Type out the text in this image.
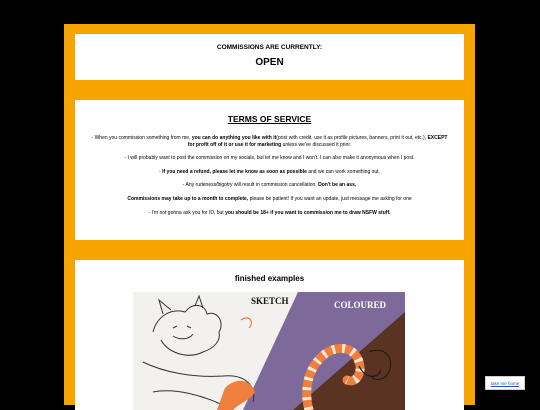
COMMISSIONS ARE CURRENTLY:
OPEN
TERMS OF SERVICE
- When you commission something from me, you can do anything you like with it(post with credit, use it as profile pictures, banners, print it out, etc.), EXCEPT for profit off of it or use it for marketing unless we've discussed it prior.
- I will probably want to post the commission on my socials, but let me know and I won't. I can also make it anonymous when I post.
- If you need a refund, please let me know as soon as possible and we can work something out.
- Any rudeness/bigotry will result in commission cancellation. Don't be an ass.
Commissions may take up to a month to complete, please be patient! If you want an update, just message me asking for one
- I'm not gonna ask you for ID, but you should be 18+ if you want to commission me to draw NSFW stuff.
finished examples
SKETCH	COLOURED
take me home
